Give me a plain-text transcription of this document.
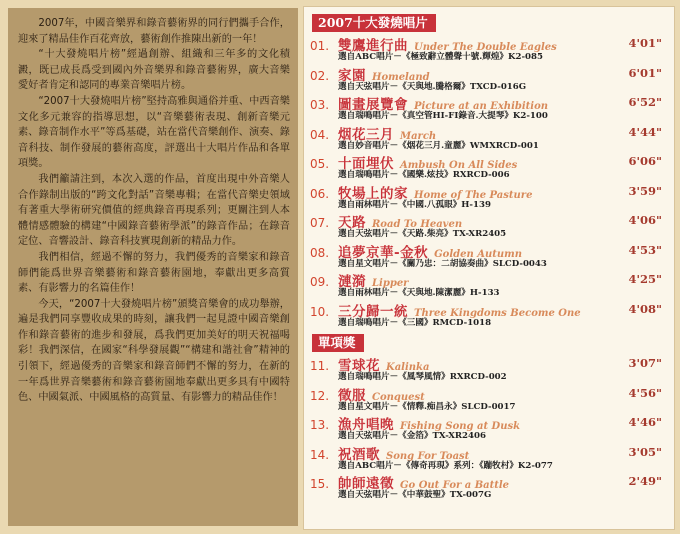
2007年，中國音樂界和錄音藝術界的同行們攜手合作，迎來了精品佳作百花齊放，藝術創作推陳出新的一年！

“十大發燒唱片榜”經過創辦、組織和三年多的文化積澱，既已成長爲受到國內外音樂界和錄音藝術界，廣大音樂愛好者肯定和認同的專業音樂唱片榜。

“2007十大發燒唱片榜”堅持高雅與通俗并重、中西音樂文化多元兼容的指導思想，以“音樂藝術表現、創新音樂元素、錄音制作水平”等爲基礎，站在當代音樂創作、演奏、錄音科技、制作發展的藝術高度，評選出十大唱片作品和各單項獎。

我們籲請注到，本次入選的作品，首度出現中外音樂人合作錄制出版的“跨文化對話”音樂專輯；在當代音樂史領域有著重大學術研究價值的經典錄音再現系列；更關注到人本體情感體驗的構建“中國錄音藝術學派”的錄音作品；在錄音定位、音響設計、錄音科技實現創新的精品力作。

我們相信，經過不懈的努力，我們優秀的音樂家和錄音師們能爲世界音樂藝術和錄音藝術園地，奉獻出更多高質素、有影響力的名篇佳作！

今天，“2007十大發燒唱片榜”頒獎音樂會的成功舉辦，遍是我們同享豐收成果的時刻，讓我們一起見證中國音樂創作和錄音藝術的進步和發展，爲我們更加美好的明天祝福喝彩！我們深信，在國家“科學發展觀”“構建和諧社會”精神的引領下，經過優秀的音樂家和錄音師們不懈的努力，在新的一年爲世界音樂藝術和錄音藝術園地奉獻出更多具有中國特色、中國氣派、中國風格的高質量、有影響力的精品佳作！

2007十大發燒唱片
01. 雙鷹進行曲 Under The Double Eagles	4'01"
選自ABC唱片－《極致辭立體聲十號.輝煌》K2-085
02. 家園 Homeland	6'01"
選自天弦唱片－《天與地.騰格爾》TXCD-016G
03. 圖畫展覽會 Picture at an Exhibition	6'52"
選自瑞鳴唱片－《真空管HI-FI錄音.大提琴》K2-100
04. 烟花三月 March	4'44"
選自妙音唱片－《烟花三月.童麗》WMXRCD-001
05. 十面埋伏 Ambush On All Sides	6'06"
選自瑞鳴唱片－《國樂.炫技》RXRCD-006
06. 牧場上的家 Home of The Pasture	3'59"
選自雨林唱片－《中國.八孤眼》H-139
07. 天路 Road To Heaven	4'06"
選自天弦唱片－《天路.柴亮》TX-XR2405
08. 追夢京華-金秋 Golden Autumn	4'53"
選自星文唱片－《關乃忠：二胡協奏曲》SLCD-0043
09. 漣漪 Lipper	4'25"
選自雨林唱片－《天與地.陳潔麗》H-133
10. 三分歸一統 Three Kingdoms Become One	4'08"
選自瑞鳴唱片－《三國》RMCD-1018
單項獎
11. 雪球花 Kalinka	3'07"
選自瑞鳴唱片－《風琴風情》RXRCD-002
12. 徵服 Conquest	4'56"
選自星文唱片－《情釋.痴昌永》SLCD-0017
13. 漁舟唱晚 Fishing Song at Dusk	4'46"
選自天弦唱片－《金箔》TX-XR2406
14. 祝酒歌 Song For Toast	3'05"
選自ABC唱片－《傳奇再現》系列：《蹦牧村》K2-077
15. 帥師遠徵 Go Out For a Battle	2'49"
選自天弦唱片－《中華鼓聖》TX-007G
